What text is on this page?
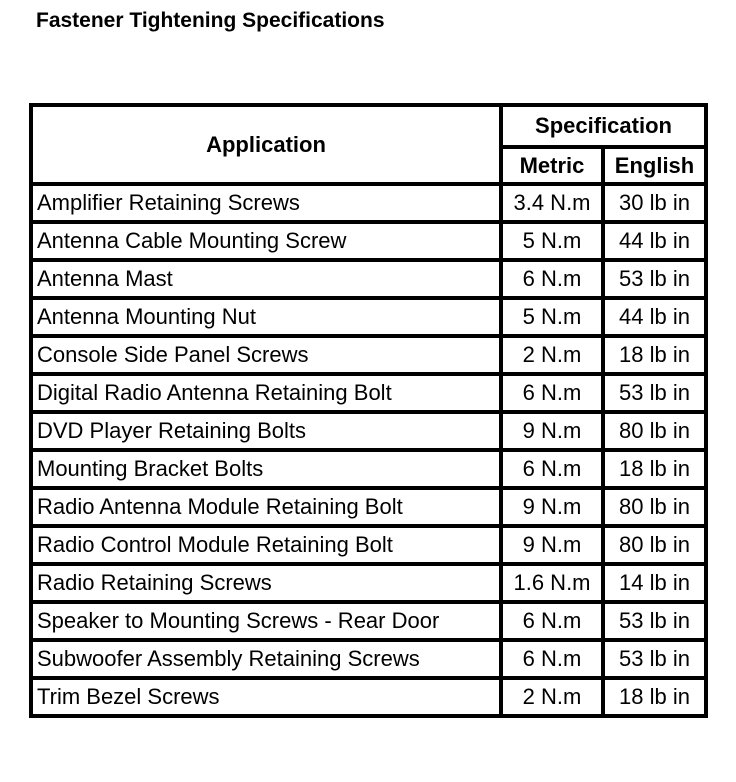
Fastener Tightening Specifications
Application	Specification	
	Metric	English
Amplifier Retaining Screws	3.4 N.m	30 lb in
Antenna Cable Mounting Screw	5 N.m	44 lb in
Antenna Mast	6 N.m	53 lb in
Antenna Mounting Nut	5 N.m	44 lb in
Console Side Panel Screws	2 N.m	18 lb in
Digital Radio Antenna Retaining Bolt	6 N.m	53 lb in
DVD Player Retaining Bolts	9 N.m	80 lb in
Mounting Bracket Bolts	6 N.m	18 lb in
Radio Antenna Module Retaining Bolt	9 N.m	80 lb in
Radio Control Module Retaining Bolt	9 N.m	80 lb in
Radio Retaining Screws	1.6 N.m	14 lb in
Speaker to Mounting Screws - Rear Door	6 N.m	53 lb in
Subwoofer Assembly Retaining Screws	6 N.m	53 lb in
Trim Bezel Screws	2 N.m	18 lb in
